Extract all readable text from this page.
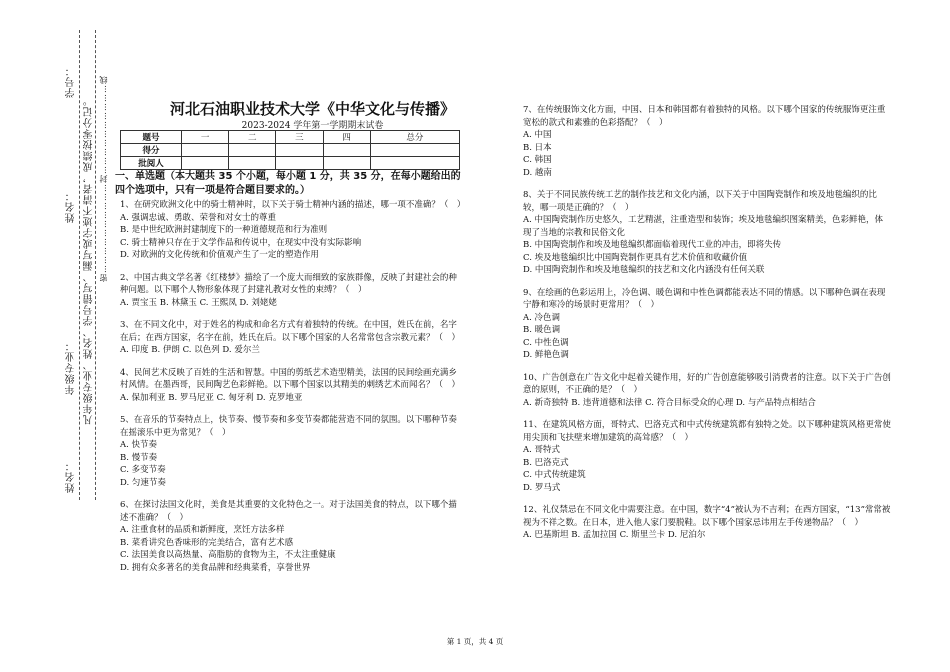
学号：
姓名：
年级专业：
姓名：
凡年级专业、姓名、学号错写、漏写或字迹不清者，成绩按零分记。 密…………………………封…………………………线	河北石油职业技术大学《中华文化与传播》
2023-2024 学年第一学期期末试卷
题号	一	二	三	四	总分
得分					
批阅人					
一、单选题（本大题共 35 个小题，每小题 1 分，共 35 分，在每小题给出的四个选项中，只有一项是符合题目要求的。）

1、在研究欧洲文化中的骑士精神时，以下关于骑士精神内涵的描述，哪一项不准确？（　）

A. 强调忠诚、勇敢、荣誉和对女士的尊重

B. 是中世纪欧洲封建制度下的一种道德规范和行为准则

C. 骑士精神只存在于文学作品和传说中，在现实中没有实际影响

D. 对欧洲的文化传统和价值观产生了一定的塑造作用

2、中国古典文学名著《红楼梦》描绘了一个庞大而细致的家族群像，反映了封建社会的种种问题。以下哪个人物形象体现了封建礼教对女性的束缚？（　）

A. 贾宝玉 B. 林黛玉 C. 王熙凤 D. 刘姥姥

3、在不同文化中，对于姓名的构成和命名方式有着独特的传统。在中国，姓氏在前，名字在后；在西方国家，名字在前，姓氏在后。以下哪个国家的人名常常包含宗教元素？（　）

A. 印度 B. 伊朗 C. 以色列 D. 爱尔兰

4、民间艺术反映了百姓的生活和智慧。中国的剪纸艺术造型精美，法国的民间绘画充满乡村风情。在墨西哥，民间陶艺色彩鲜艳。以下哪个国家以其精美的刺绣艺术而闻名？（　）

A. 保加利亚 B. 罗马尼亚 C. 匈牙利 D. 克罗地亚

5、在音乐的节奏特点上，快节奏、慢节奏和多变节奏都能营造不同的氛围。以下哪种节奏在摇滚乐中更为常见？（　）

A. 快节奏

B. 慢节奏

C. 多变节奏

D. 匀速节奏

6、在探讨法国文化时，美食是其重要的文化特色之一。对于法国美食的特点，以下哪个描述不准确？（　）

A. 注重食材的品质和新鲜度，烹饪方法多样

B. 菜肴讲究色香味形的完美结合，富有艺术感

C. 法国美食以高热量、高脂肪的食物为主，不太注重健康

D. 拥有众多著名的美食品牌和经典菜肴，享誉世界

7、在传统服饰文化方面，中国、日本和韩国都有着独特的风格。以下哪个国家的传统服饰更注重宽松的款式和素雅的色彩搭配？（　）

A. 中国

B. 日本

C. 韩国

D. 越南

8、关于不同民族传统工艺的制作技艺和文化内涵，以下关于中国陶瓷制作和埃及地毯编织的比较，哪一项是正确的？（　）

A. 中国陶瓷制作历史悠久，工艺精湛，注重造型和装饰；埃及地毯编织图案精美，色彩鲜艳，体现了当地的宗教和民俗文化

B. 中国陶瓷制作和埃及地毯编织都面临着现代工业的冲击，即将失传

C. 埃及地毯编织比中国陶瓷制作更具有艺术价值和收藏价值

D. 中国陶瓷制作和埃及地毯编织的技艺和文化内涵没有任何关联

9、在绘画的色彩运用上，冷色调、暖色调和中性色调都能表达不同的情感。以下哪种色调在表现宁静和寒冷的场景时更常用？（　）

A. 冷色调

B. 暖色调

C. 中性色调

D. 鲜艳色调

10、广告创意在广告文化中起着关键作用，好的广告创意能够吸引消费者的注意。以下关于广告创意的原则，不正确的是？（　）

A. 新奇独特 B. 违背道德和法律 C. 符合目标受众的心理 D. 与产品特点相结合

11、在建筑风格方面，哥特式、巴洛克式和中式传统建筑都有独特之处。以下哪种建筑风格更常使用尖顶和飞扶壁来增加建筑的高耸感？（　）

A. 哥特式

B. 巴洛克式

C. 中式传统建筑

D. 罗马式

12、礼仪禁忌在不同文化中需要注意。在中国，数字“4”被认为不吉利；在西方国家，“13”常常被视为不祥之数。在日本，进入他人家门要脱鞋。以下哪个国家忌讳用左手传递物品？（　）

A. 巴基斯坦 B. 孟加拉国 C. 斯里兰卡 D. 尼泊尔

第 1 页，共 4 页
